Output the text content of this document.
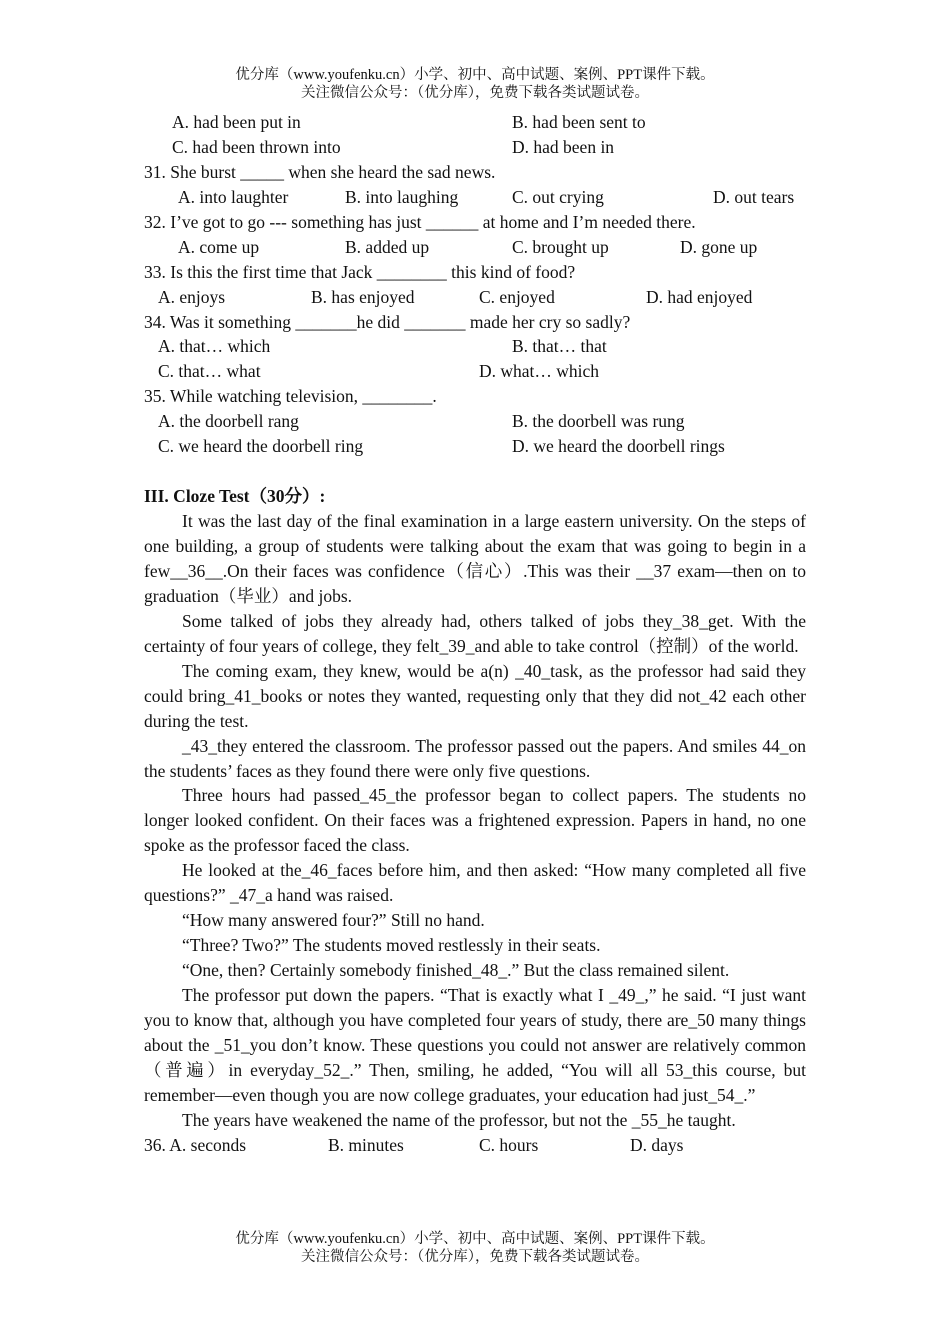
优分库（www.youfenku.cn）小学、初中、高中试题、案例、PPT课件下载。
关注微信公众号：（优分库），免费下载各类试题试卷。
A. had been put in	B. had been sent to
C. had been thrown into	D. had been in
31. She burst _____ when she heard the sad news.
A. into laughter	B. into laughing	C. out crying	D. out tears
32. I’ve got to go --- something has just ______ at home and I’m needed there.
A. come up	B. added up	C. brought up	D. gone up
33. Is this the first time that Jack ________ this kind of food?
A. enjoys	B. has enjoyed	C. enjoyed	D. had enjoyed
34. Was it something _______he did _______ made her cry so sadly?
A. that… which	B. that… that
C. that… what	D. what… which
35. While watching television, ________.
A. the doorbell rang	B. the doorbell was rung
C. we heard the doorbell ring	D. we heard the doorbell rings
III. Cloze Test（30分）:

It was the last day of the final examination in a large eastern university. On the steps of one building, a group of students were talking about the exam that was going to begin in a few__36__.On their faces was confidence（信心）.This was their __37 exam—then on to graduation（毕业）and jobs.

Some talked of jobs they already had, others talked of jobs they_38_get. With the certainty of four years of college, they felt_39_and able to take control（控制）of the world.

The coming exam, they knew, would be a(n) _40_task, as the professor had said they could bring_41_books or notes they wanted, requesting only that they did not_42 each other during the test.

_43_they entered the classroom. The professor passed out the papers. And smiles 44_on the students’ faces as they found there were only five questions.

Three hours had passed_45_the professor began to collect papers. The students no longer looked confident. On their faces was a frightened expression. Papers in hand, no one spoke as the professor faced the class.

He looked at the_46_faces before him, and then asked: “How many completed all five questions?” _47_a hand was raised.

“How many answered four?” Still no hand.

“Three? Two?” The students moved restlessly in their seats.

“One, then? Certainly somebody finished_48_.” But the class remained silent.

The professor put down the papers. “That is exactly what I _49_,” he said. “I just want you to know that, although you have completed four years of study, there are_50 many things about the _51_you don’t know. These questions you could not answer are relatively common（普遍）in everyday_52_.” Then, smiling, he added, “You will all 53_this course, but remember—even though you are now college graduates, your education had just_54_.”

The years have weakened the name of the professor, but not the _55_he taught.

36. A. seconds	B. minutes	C. hours	D. days
优分库（www.youfenku.cn）小学、初中、高中试题、案例、PPT课件下载。
关注微信公众号：（优分库），免费下载各类试题试卷。
